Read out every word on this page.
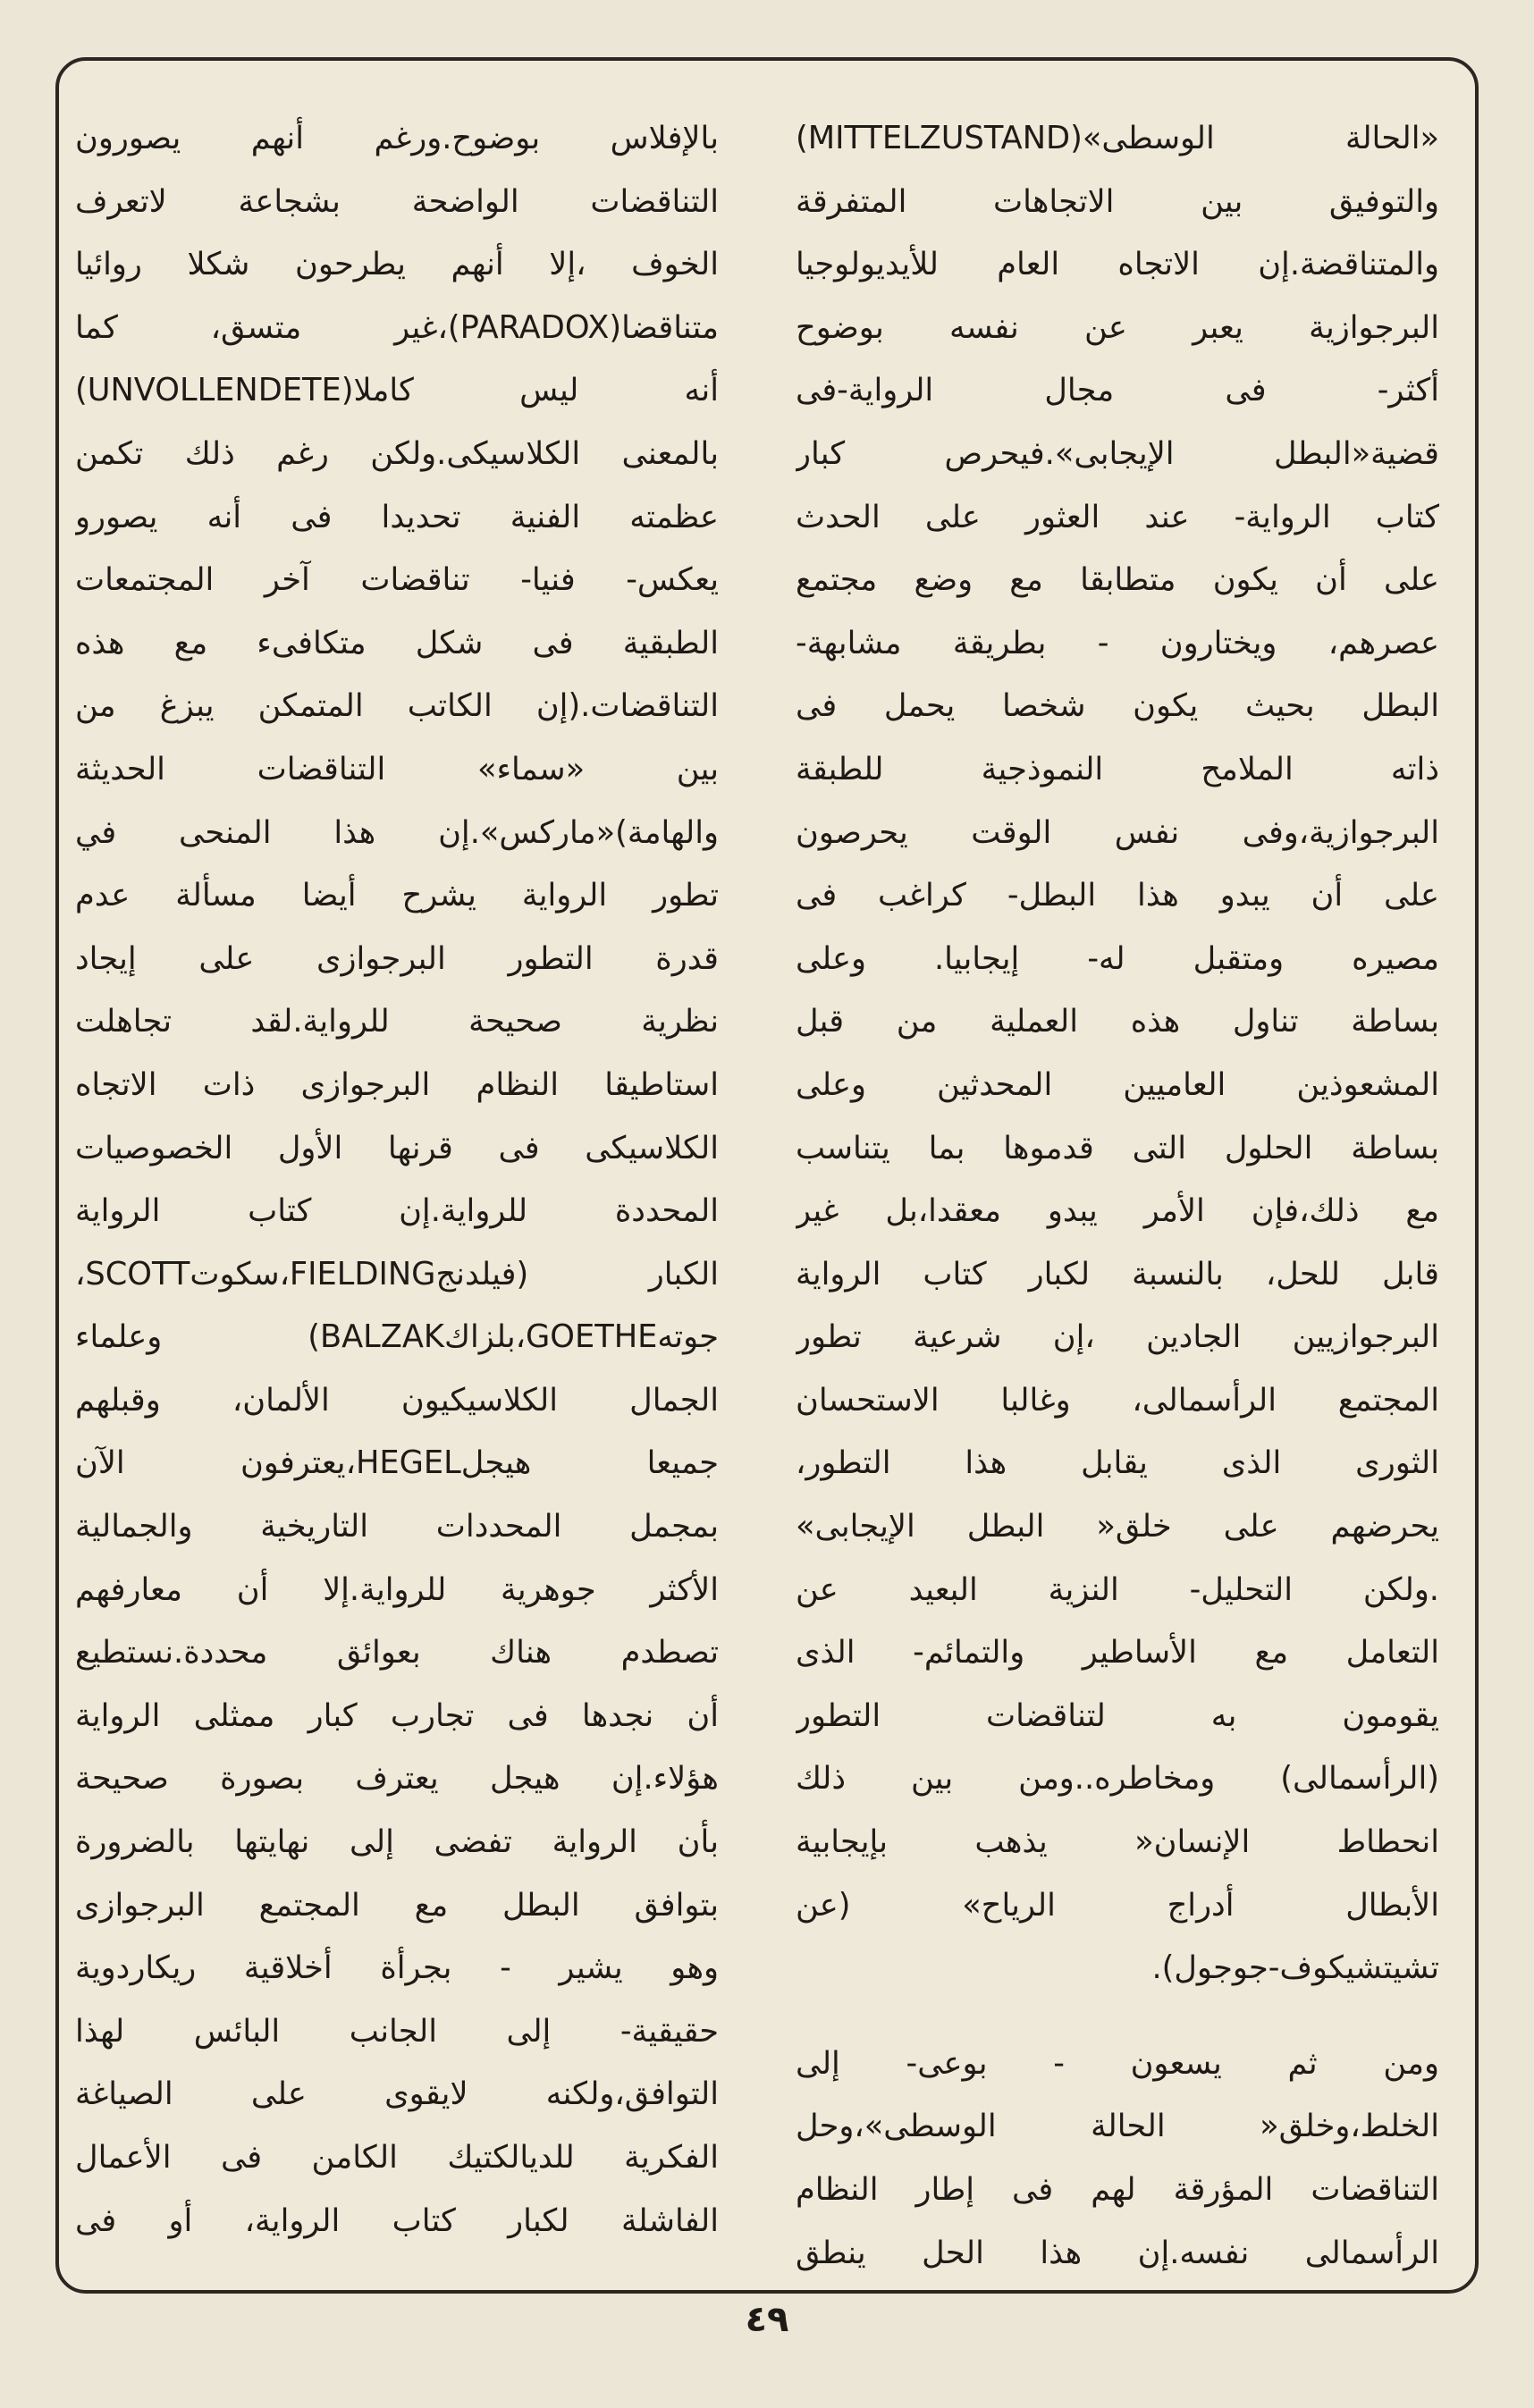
«الحالة الوسطى»(MITTELZUSTAND)
والتوفيق بين الاتجاهات المتفرقة
والمتناقضة.إن الاتجاه العام للأيديولوجيا
البرجوازية يعبر عن نفسه بوضوح
أكثر- فى مجال الرواية-فى
قضية«البطل الإيجابى».فيحرص كبار
كتاب الرواية- عند العثور على الحدث
على أن يكون متطابقا مع وضع مجتمع
عصرهم، ويختارون - بطريقة مشابهة-
البطل بحيث يكون شخصا يحمل فى
ذاته الملامح النموذجية للطبقة
البرجوازية،وفى نفس الوقت يحرصون
على أن يبدو هذا البطل- كراغب فى
مصيره ومتقبل له- إيجابيا. وعلى
بساطة تناول هذه العملية من قبل
المشعوذين العاميين المحدثين وعلى
بساطة الحلول التى قدموها بما يتناسب
مع ذلك،فإن الأمر يبدو معقدا،بل غير
قابل للحل، بالنسبة لكبار كتاب الرواية
البرجوازيين الجادين ،إن شرعية تطور
المجتمع الرأسمالى، وغالبا الاستحسان
الثورى الذى يقابل هذا التطور،
يحرضهم على خلق« البطل الإيجابى»
.ولكن التحليل- النزية البعيد عن
التعامل مع الأساطير والتمائم- الذى
يقومون به لتناقضات التطور
(الرأسمالى) ومخاطره..ومن بين ذلك
انحطاط الإنسان« يذهب بإيجابية
الأبطال أدراج الرياح» (عن
تشيتشيكوف-جوجول).
ومن ثم يسعون - بوعى- إلى
الخلط،وخلق« الحالة الوسطى»،وحل
التناقضات المؤرقة لهم فى إطار النظام
الرأسمالى نفسه.إن هذا الحل ينطق
بالإفلاس بوضوح.ورغم أنهم يصورون
التناقضات الواضحة بشجاعة لاتعرف
الخوف ،إلا أنهم يطرحون شكلا روائيا
متناقضا(PARADOX)،غير متسق، كما
أنه ليس كاملا(UNVOLLENDETE)
بالمعنى الكلاسيكى.ولكن رغم ذلك تكمن
عظمته الفنية تحديدا فى أنه يصورو
يعكس- فنيا- تناقضات آخر المجتمعات
الطبقية فى شكل متكافىء مع هذه
التناقضات.(إن الكاتب المتمكن يبزغ من
بين «سماء» التناقضات الحديثة
والهامة)«ماركس».إن هذا المنحى في
تطور الرواية يشرح أيضا مسألة عدم
قدرة التطور البرجوازى على إيجاد
نظرية صحيحة للرواية.لقد تجاهلت
استاطيقا النظام البرجوازى ذات الاتجاه
الكلاسيكى فى قرنها الأول الخصوصيات
المحددة للرواية.إن كتاب الرواية
الكبار (فيلدنجFIELDING،سكوتSCOTT،
جوتهGOETHE،بلزاكBALZAK) وعلماء
الجمال الكلاسيكيون الألمان، وقبلهم
جميعا هيجلHEGEL،يعترفون الآن
بمجمل المحددات التاريخية والجمالية
الأكثر جوهرية للرواية.إلا أن معارفهم
تصطدم هناك بعوائق محددة.نستطيع
أن نجدها فى تجارب كبار ممثلى الرواية
هؤلاء.إن هيجل يعترف بصورة صحيحة
بأن الرواية تفضى إلى نهايتها بالضرورة
بتوافق البطل مع المجتمع البرجوازى
وهو يشير - بجرأة أخلاقية ريكاردوية
حقيقية- إلى الجانب البائس لهذا
التوافق،ولكنه لايقوى على الصياغة
الفكرية للديالكتيك الكامن فى الأعمال
الفاشلة لكبار كتاب الرواية، أو فى
٤٩
